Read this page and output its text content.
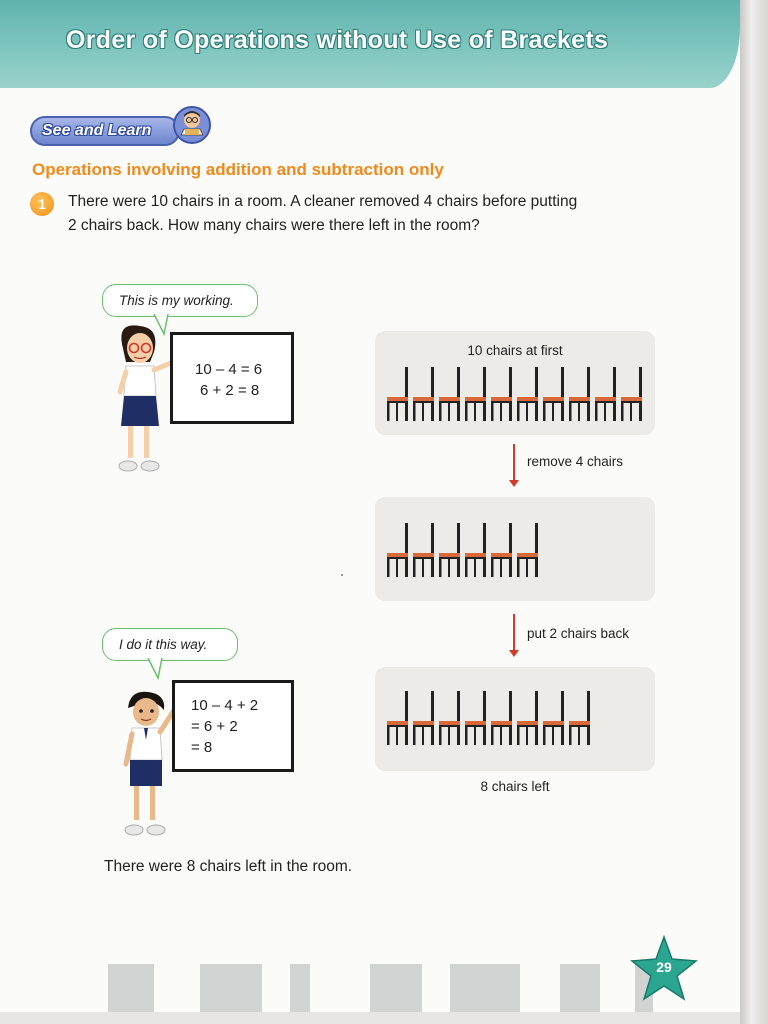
Order of Operations without Use of Brackets
See and Learn
Operations involving addition and subtraction only
1	There were 10 chairs in a room. A cleaner removed 4 chairs before putting
2 chairs back. How many chairs were there left in the room?
This is my working.
10 – 4 = 6
6 + 2 = 8
I do it this way.
10 – 4 + 2
= 6 + 2
= 8
10 chairs at first
remove 4 chairs
put 2 chairs back
8 chairs left
There were 8 chairs left in the room.
29
